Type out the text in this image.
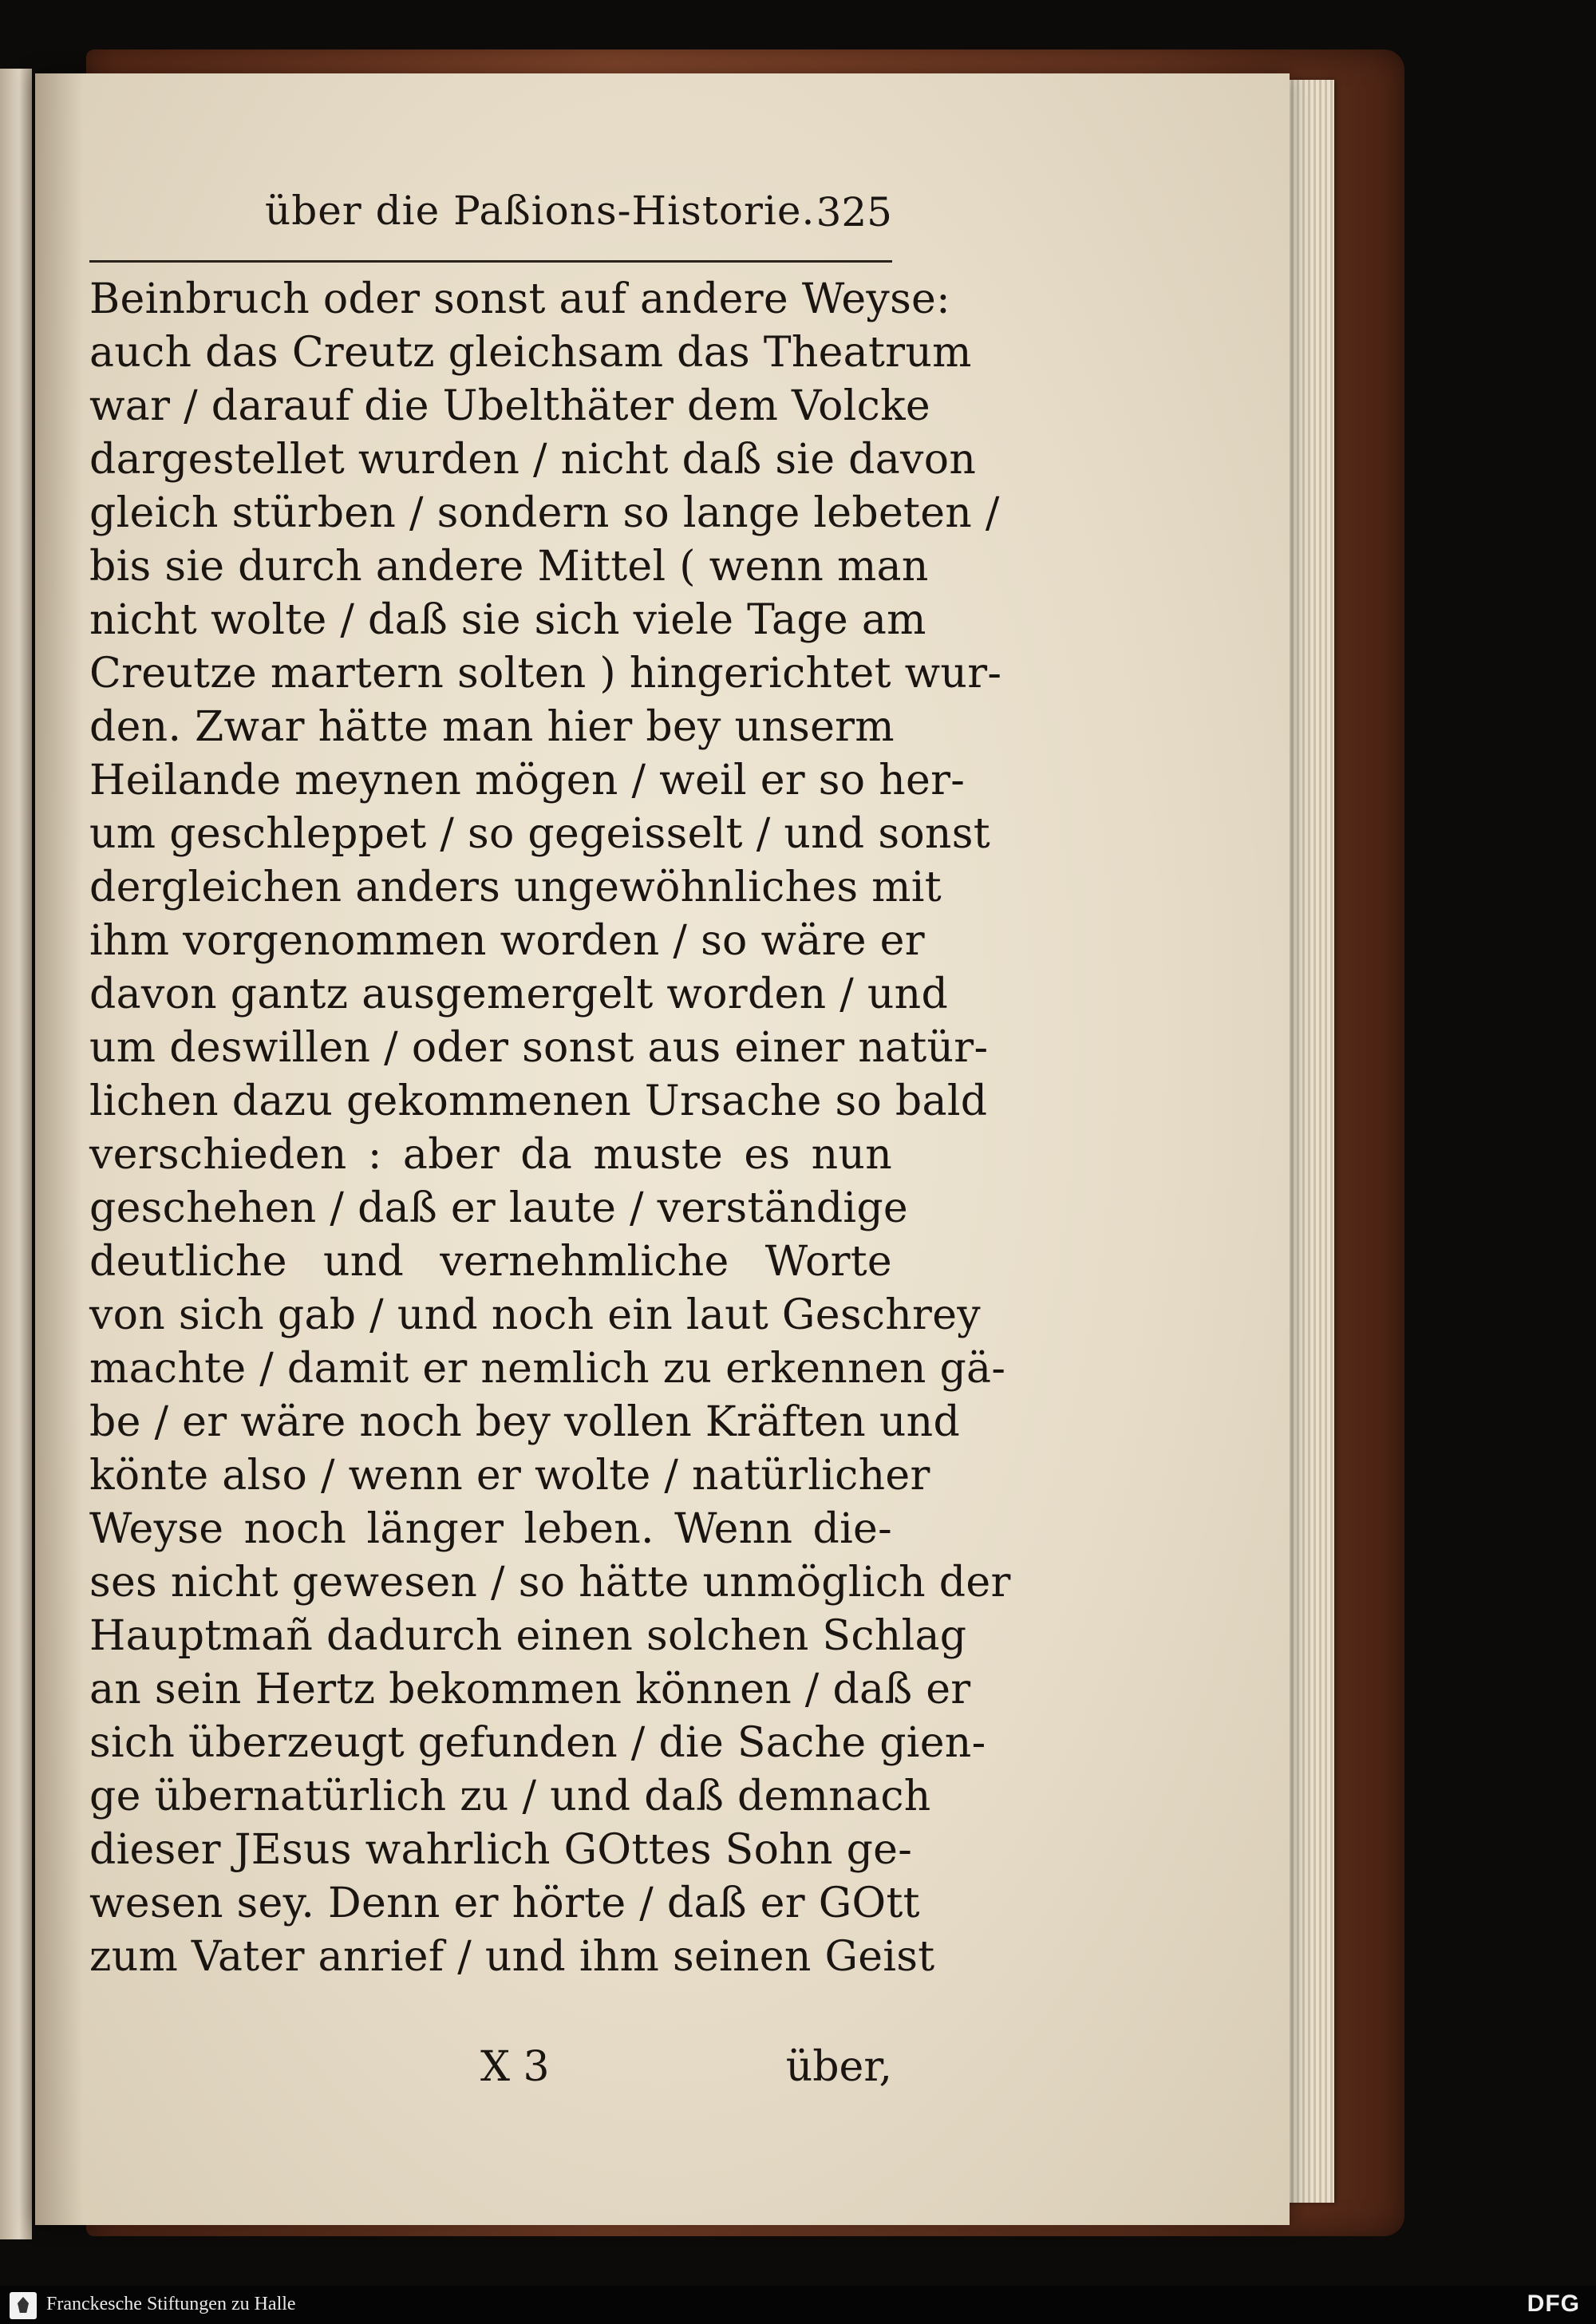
über die Paßions-Historie. 325
Beinbruch oder sonst auf andere Weyse:
auch das Creutz gleichsam das Theatrum
war / darauf die Ubelthäter dem Volcke
dargestellet wurden / nicht daß sie davon
gleich stürben / sondern so lange lebeten /
bis sie durch andere Mittel ( wenn man
nicht wolte / daß sie sich viele Tage am
Creutze martern solten ) hingerichtet wur-
den. Zwar hätte man hier bey unserm
Heilande meynen mögen / weil er so her-
um geschleppet / so gegeisselt / und sonst
dergleichen anders ungewöhnliches mit
ihm vorgenommen worden / so wäre er
davon gantz ausgemergelt worden / und
um deswillen / oder sonst aus einer natür-
lichen dazu gekommenen Ursache so bald
verschieden : aber da muste es nun
geschehen / daß er laute / verständige
deutliche und vernehmliche Worte
von sich gab / und noch ein laut Geschrey
machte / damit er nemlich zu erkennen gä-
be / er wäre noch bey vollen Kräften und
könte also / wenn er wolte / natürlicher
Weyse noch länger leben. Wenn die-
ses nicht gewesen / so hätte unmöglich der
Hauptmañ dadurch einen solchen Schlag
an sein Hertz bekommen können / daß er
sich überzeugt gefunden / die Sache gien-
ge übernatürlich zu / und daß demnach
dieser JEsus wahrlich GOttes Sohn ge-
wesen sey. Denn er hörte / daß er GOtt
zum Vater anrief / und ihm seinen Geist
X 3	über,
Franckesche Stiftungen zu Halle	DFG
